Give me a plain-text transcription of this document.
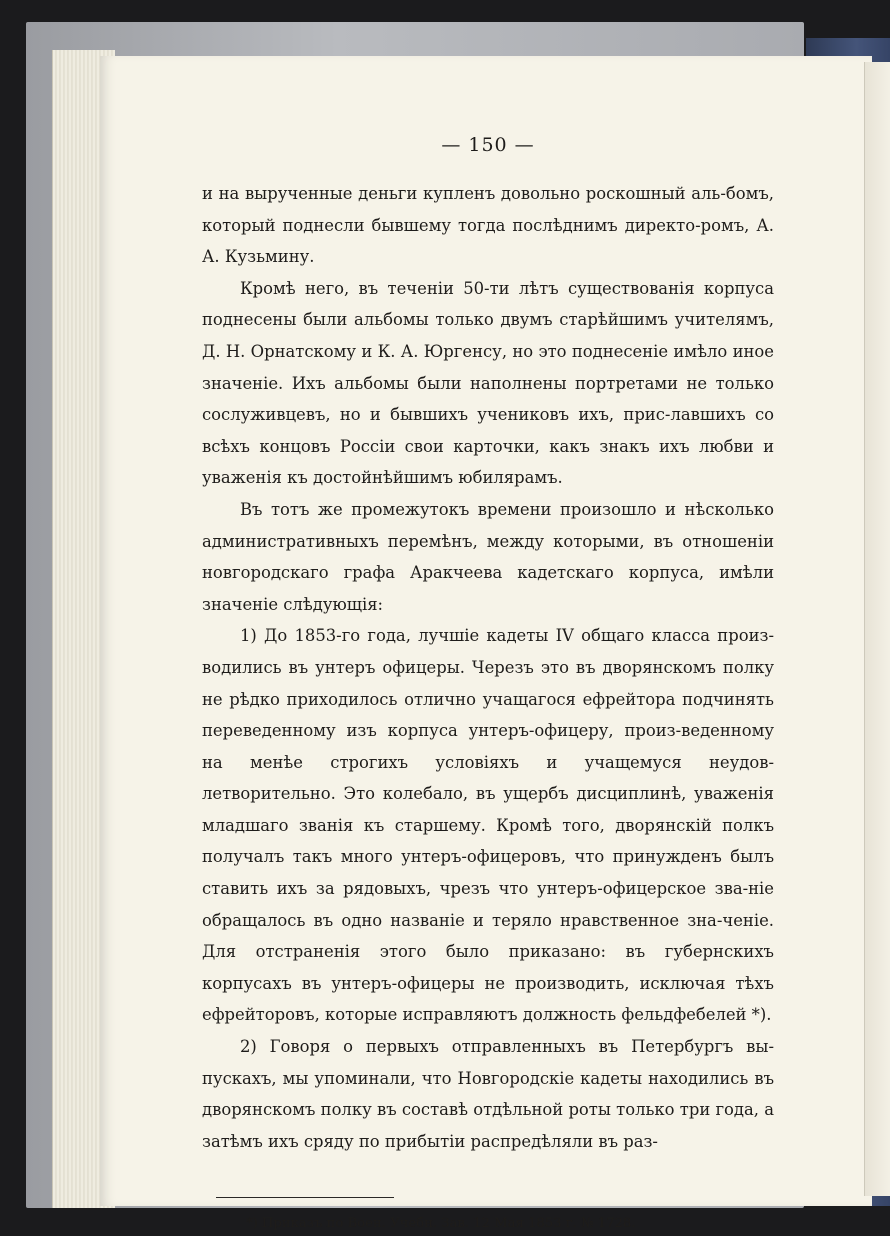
— 150 —

и на вырученные деньги купленъ довольно роскошный аль-бомъ, который поднесли бывшему тогда послѣднимъ директо-ромъ, А. А. Кузьмину.

Кромѣ него, въ теченіи 50-ти лѣтъ существованія корпуса поднесены были альбомы только двумъ старѣйшимъ учителямъ, Д. Н. Орнатскому и К. А. Юргенсу, но это поднесеніе имѣло иное значеніе. Ихъ альбомы были наполнены портретами не только сослуживцевъ, но и бывшихъ учениковъ ихъ, прис-лавшихъ со всѣхъ концовъ Россіи свои карточки, какъ знакъ ихъ любви и уваженія къ достойнѣйшимъ юбилярамъ.

Въ тотъ же промежутокъ времени произошло и нѣсколько административныхъ перемѣнъ, между которыми, въ отношеніи новгородскаго графа Аракчеева кадетскаго корпуса, имѣли значеніе слѣдующія:

1) До 1853-го года, лучшіе кадеты IV общаго класса произ-водились въ унтеръ офицеры. Черезъ это въ дворянскомъ полку не рѣдко приходилось отлично учащагося ефрейтора подчинять переведенному изъ корпуса унтеръ-офицеру, произ-веденному на менѣе строгихъ условіяхъ и учащемуся неудов-летворительно. Это колебало, въ ущербъ дисциплинѣ, уваженія младшаго званія къ старшему. Кромѣ того, дворянскій полкъ получалъ такъ много унтеръ-офицеровъ, что принужденъ былъ ставить ихъ за рядовыхъ, чрезъ что унтеръ-офицерское зва-ніе обращалось въ одно названіе и теряло нравственное зна-ченіе. Для отстраненія этого было приказано: въ губернскихъ корпусахъ въ унтеръ-офицеры не производить, исключая тѣхъ ефрейторовъ, которые исправляютъ должность фельдфебелей *).

2) Говоря о первыхъ отправленныхъ въ Петербургъ вы-пускахъ, мы упоминали, что Новгородскіе кадеты находились въ дворянскомъ полку въ составѣ отдѣльной роты только три года, а затѣмъ ихъ сряду по прибытіи распредѣляли въ раз-

*) Приказъ по Воен. Учебн. Зав. 12 Мая 1853 г. № 1728.
